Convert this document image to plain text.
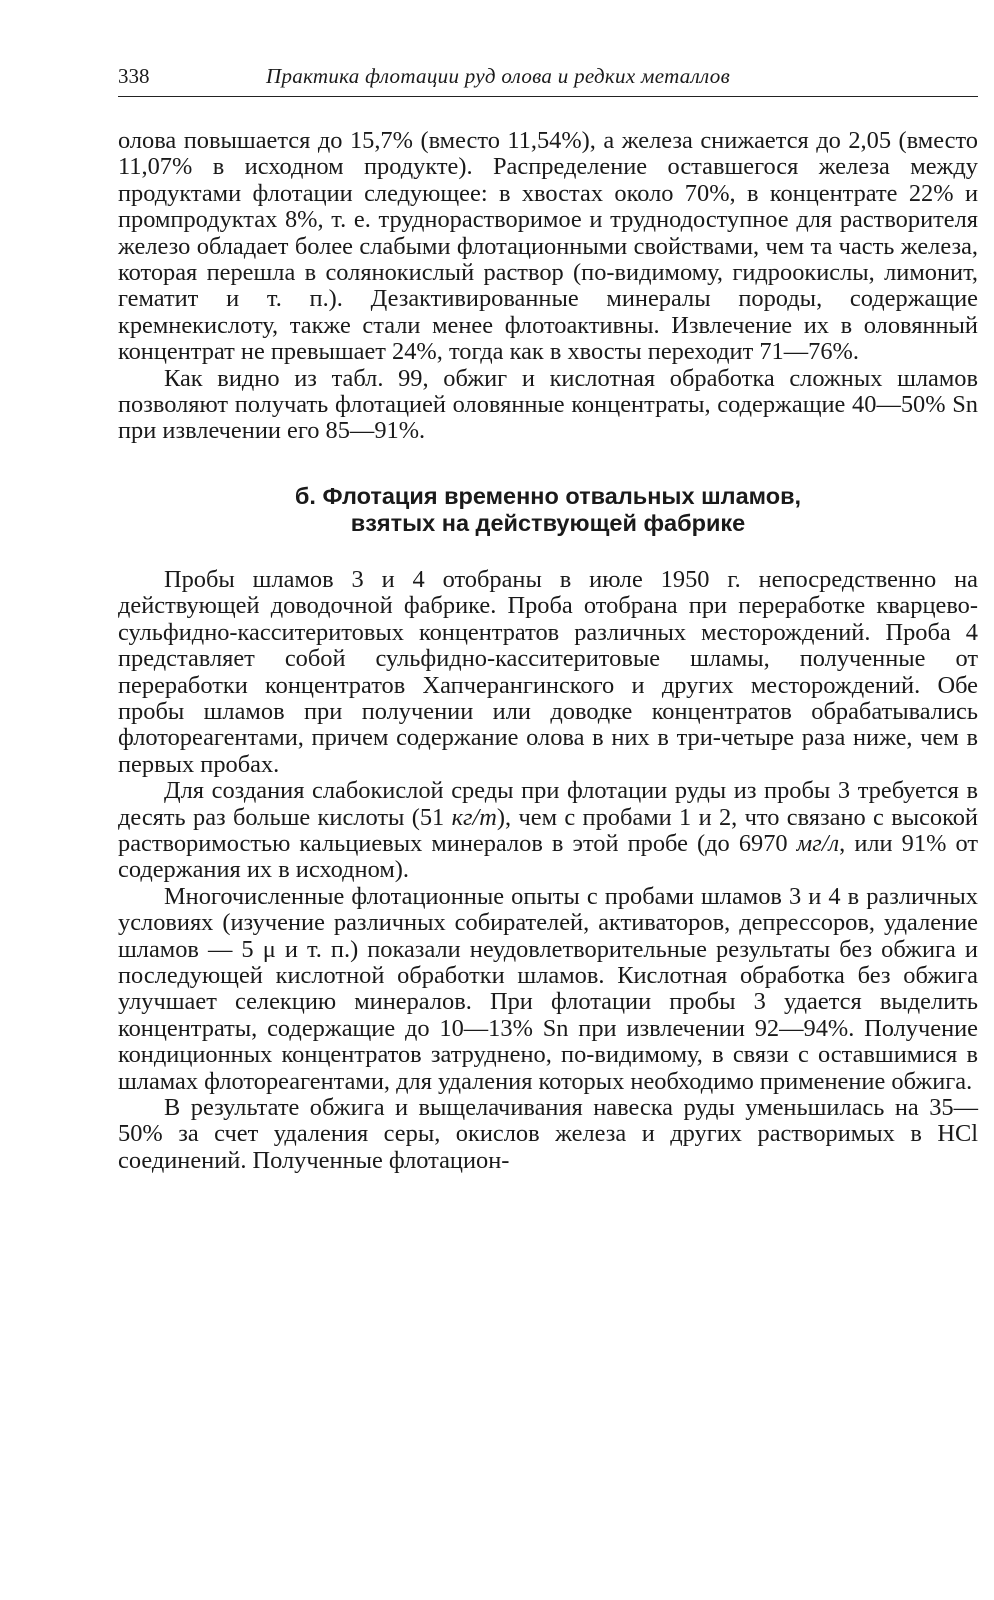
338	Практика флотации руд олова и редких металлов

олова повышается до 15,7% (вместо 11,54%), а железа снижается до 2,05 (вместо 11,07% в исходном продукте). Распределение оставшегося железа между продуктами флотации следующее: в хвостах около 70%, в концентрате 22% и промпродуктах 8%, т. е. труднорастворимое и труднодоступное для растворителя железо обладает более слабыми флотационными свойствами, чем та часть железа, которая перешла в солянокислый раствор (по-видимому, гидроокислы, лимонит, гематит и т. п.). Дезактивированные минералы породы, содержащие кремнекислоту, также стали менее флотоактивны. Извлечение их в оловянный концентрат не превышает 24%, тогда как в хвосты переходит 71—76%.

Как видно из табл. 99, обжиг и кислотная обработка сложных шламов позволяют получать флотацией оловянные концентраты, содержащие 40—50% Sn при извлечении его 85—91%.

б. Флотация временно отвальных шламов,
взятых на действующей фабрике

Пробы шламов 3 и 4 отобраны в июле 1950 г. непосредственно на действующей доводочной фабрике. Проба отобрана при переработке кварцево-сульфидно-касситеритовых концентратов различных месторождений. Проба 4 представляет собой сульфидно-касситеритовые шламы, полученные от переработки концентратов Хапчерангинского и других месторождений. Обе пробы шламов при получении или доводке концентратов обрабатывались флотореагентами, причем содержание олова в них в три-четыре раза ниже, чем в первых пробах.

Для создания слабокислой среды при флотации руды из пробы 3 требуется в десять раз больше кислоты (51 кг/т), чем с пробами 1 и 2, что связано с высокой растворимостью кальциевых минералов в этой пробе (до 6970 мг/л, или 91% от содержания их в исходном).

Многочисленные флотационные опыты с пробами шламов 3 и 4 в различных условиях (изучение различных собирателей, активаторов, депрессоров, удаление шламов — 5 μ и т. п.) показали неудовлетворительные результаты без обжига и последующей кислотной обработки шламов. Кислотная обработка без обжига улучшает селекцию минералов. При флотации пробы 3 удается выделить концентраты, содержащие до 10—13% Sn при извлечении 92—94%. Получение кондиционных концентратов затруднено, по-видимому, в связи с оставшимися в шламах флотореагентами, для удаления которых необходимо применение обжига.

В результате обжига и выщелачивания навеска руды уменьшилась на 35—50% за счет удаления серы, окислов железа и других растворимых в HCl соединений. Полученные флотацион-
